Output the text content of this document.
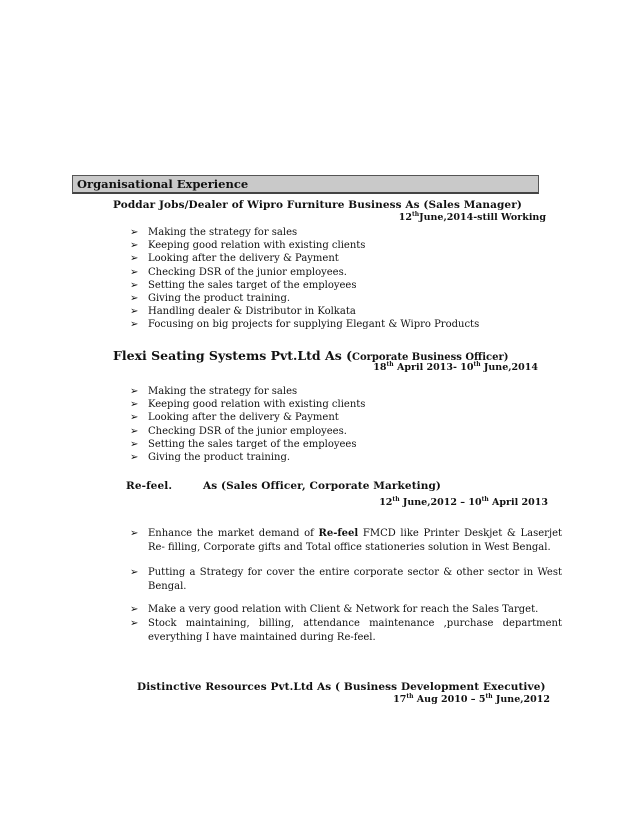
Organisational Experience
Poddar Jobs/Dealer of Wipro Furniture Business As (Sales Manager)
12thJune,2014-still Working
➢ Making the strategy for sales
➢ Keeping good relation with existing clients
➢ Looking after the delivery & Payment
➢ Checking DSR of the junior employees.
➢ Setting the sales target of the employees
➢ Giving the product training.
➢ Handling dealer & Distributor in Kolkata
➢ Focusing on big projects for supplying Elegant & Wipro Products
Flexi Seating Systems Pvt.Ltd As (Corporate Business Officer)
18th April 2013- 10th June,2014
➢ Making the strategy for sales
➢ Keeping good relation with existing clients
➢ Looking after the delivery & Payment
➢ Checking DSR of the junior employees.
➢ Setting the sales target of the employees
➢ Giving the product training.
Re-feel.	As (Sales Officer, Corporate Marketing)
12th June,2012 – 10th April 2013
➢ Enhance the market demand of Re-feel FMCD like Printer Deskjet & Laserjet Re- filling, Corporate gifts and Total office stationeries solution in West Bengal.
➢ Putting a Strategy for cover the entire corporate sector & other sector in West Bengal.
➢ Make a very good relation with Client & Network for reach the Sales Target.
➢ Stock maintaining, billing, attendance maintenance ,purchase department everything I have maintained during Re-feel.
Distinctive Resources Pvt.Ltd As ( Business Development Executive)
17th Aug 2010 – 5th June,2012
